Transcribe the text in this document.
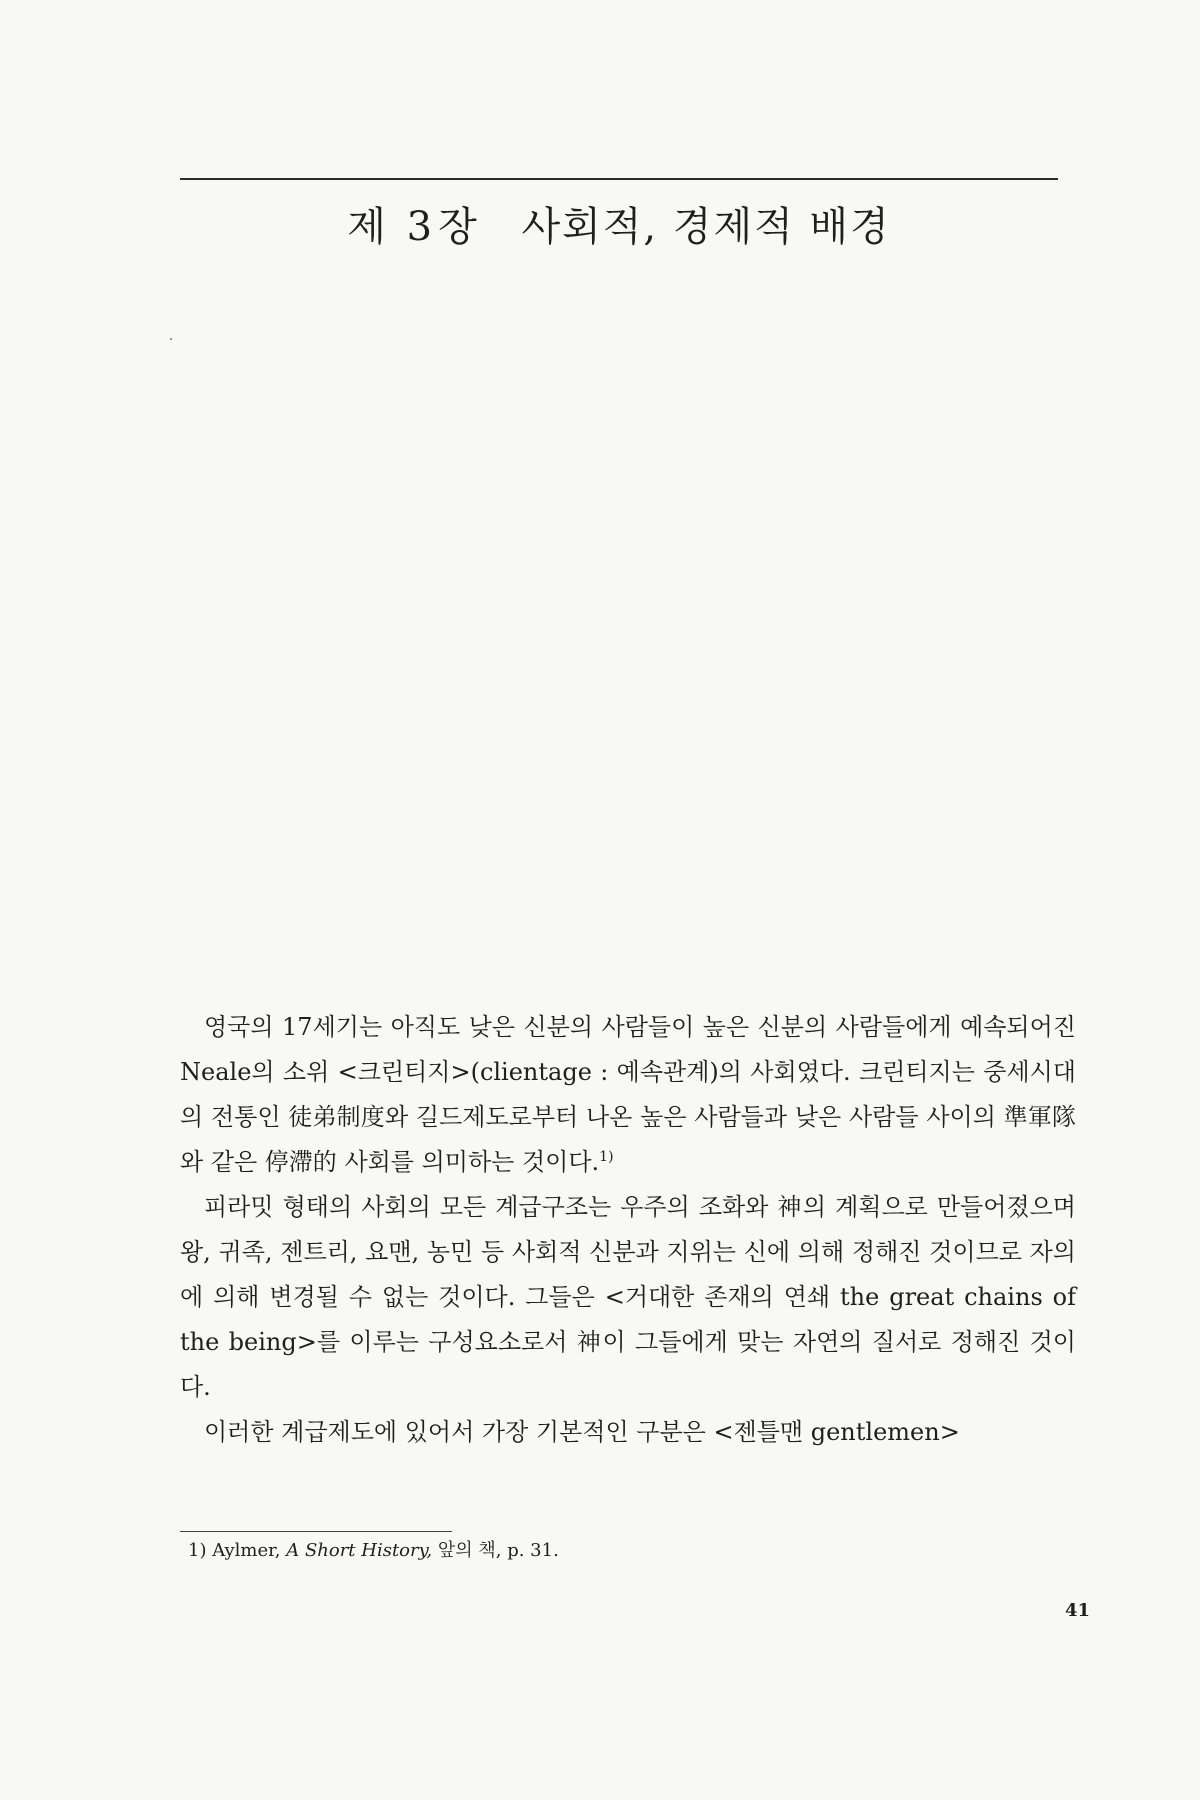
제 3 장 사회적, 경제적 배경

영국의 17세기는 아직도 낮은 신분의 사람들이 높은 신분의 사람들에게 예속되어진 Neale의 소위 <크린티지>(clientage : 예속관계)의 사회였다. 크린티지는 중세시대의 전통인 徒弟制度와 길드제도로부터 나온 높은 사람들과 낮은 사람들 사이의 準軍隊와 같은 停滯的 사회를 의미하는 것이다.$^{1)}$

피라밋 형태의 사회의 모든 계급구조는 우주의 조화와 神의 계획으로 만들어졌으며 왕, 귀족, 젠트리, 요맨, 농민 등 사회적 신분과 지위는 신에 의해 정해진 것이므로 자의에 의해 변경될 수 없는 것이다. 그들은 <거대한 존재의 연쇄 the great chains of the being>를 이루는 구성요소로서 神이 그들에게 맞는 자연의 질서로 정해진 것이다.

이러한 계급제도에 있어서 가장 기본적인 구분은 <젠틀맨 gentlemen>

1) Aylmer, A Short History, 앞의 책, p. 31.
41
